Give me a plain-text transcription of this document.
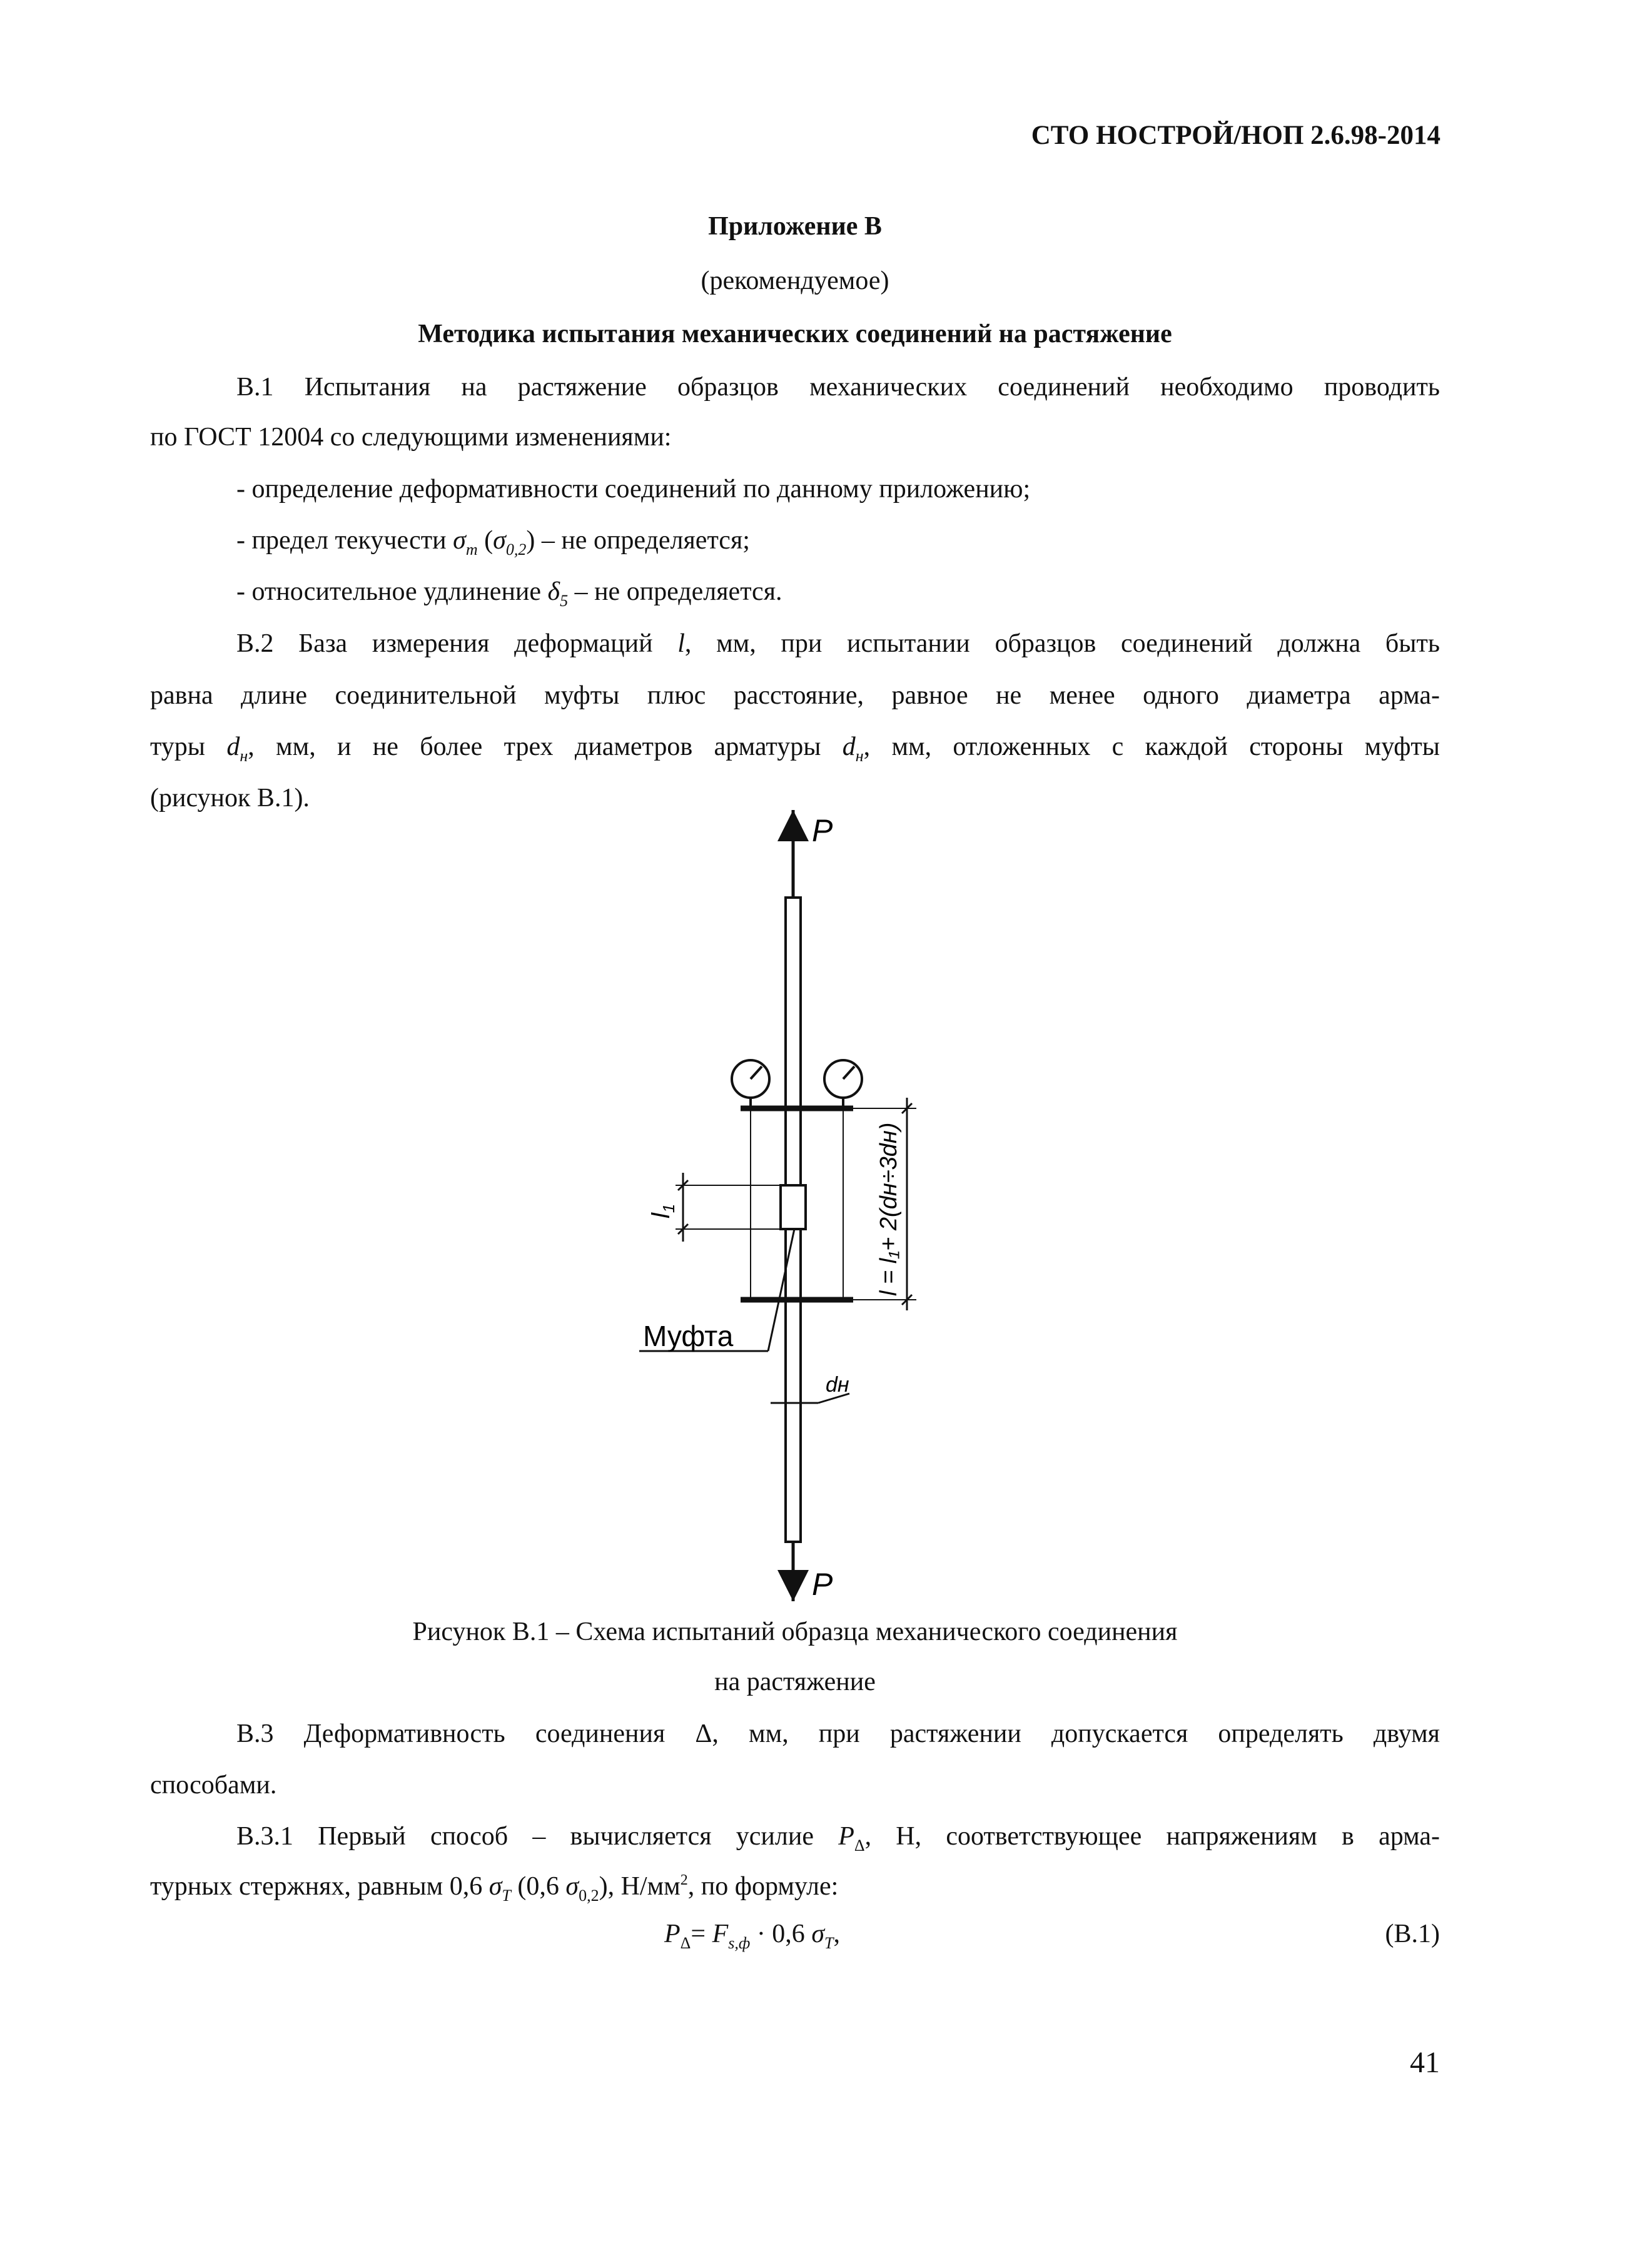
СТО НОСТРОЙ/НОП 2.6.98-2014
Приложение В
(рекомендуемое)
Методика испытания механических соединений на растяжение
В.1 Испытания на растяжение образцов механических соединений необходимо проводить
по ГОСТ 12004 со следующими изменениями:
- определение деформативности соединений по данному приложению;
- предел текучести $\sigma_т$ $(\sigma_{0,2})$ – не определяется;
- относительное удлинение $\delta_5$ – не определяется.
В.2 База измерения деформаций l, мм, при испытании образцов соединений должна быть
равна длине соединительной муфты плюс расстояние, равное не менее одного диаметра арма-
туры $d_н$, мм, и не более трех диаметров арматуры $d_н$, мм, отложенных с каждой стороны муфты
(рисунок В.1).
P
P
$l_1$	l = l₁+ 2(dн÷3dн)
Муфта
dн
Рисунок В.1 – Схема испытаний образца механического соединения
на растяжение
В.3 Деформативность соединения Δ, мм, при растяжении допускается определять двумя
способами.
В.3.1 Первый способ – вычисляется усилие $P_\Delta$, Н, соответствующее напряжениям в арма-
турных стержнях, равным 0,6 $\sigma_T$ (0,6 $\sigma_{0,2}$), $Н/мм^2$, по формуле:
$P_\Delta= F_{s,ф} \cdot 0,6$ $\sigma_T$,	(В.1)
41
